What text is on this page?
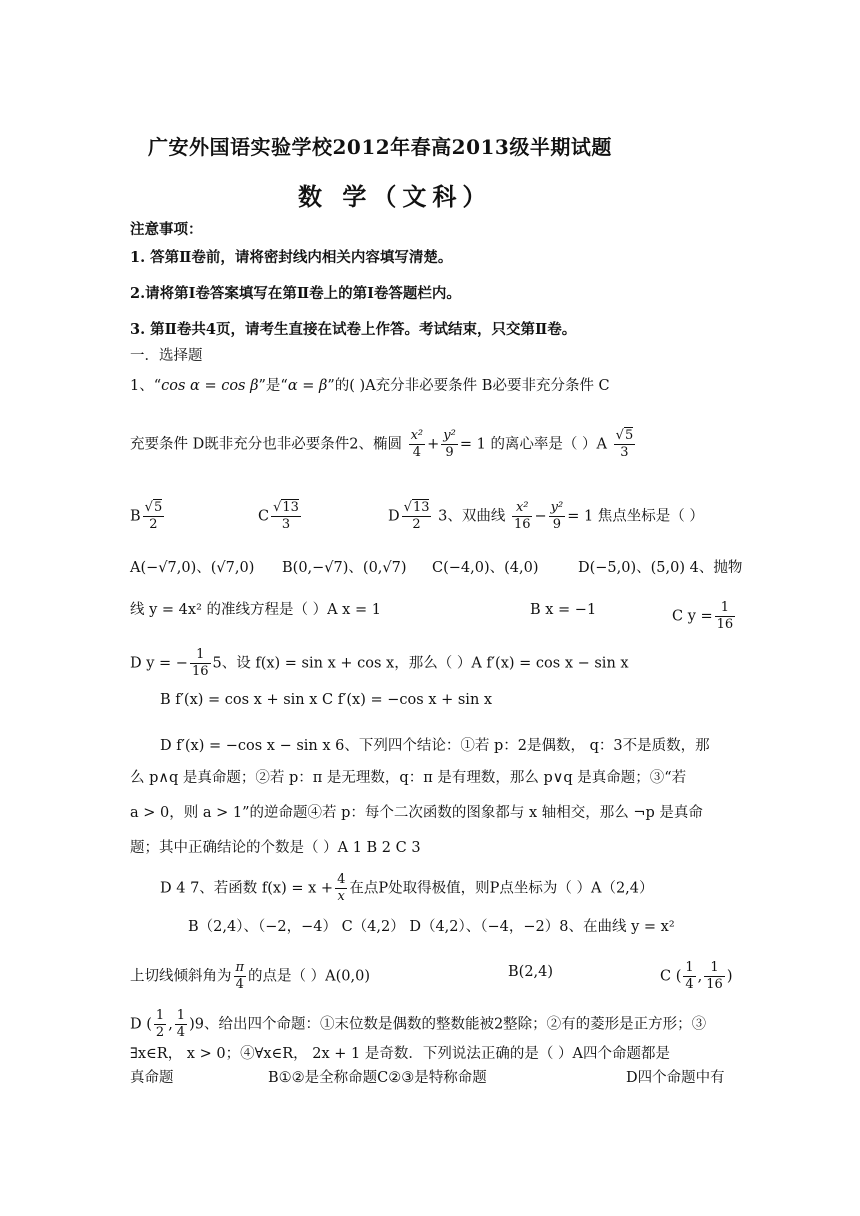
广安外国语实验学校2012年春高2013级半期试题
数 学（文科）
注意事项：
1. 答第Ⅱ卷前，请将密封线内相关内容填写清楚。
2.请将第Ⅰ卷答案填写在第Ⅱ卷上的第Ⅰ卷答题栏内。
3. 第Ⅱ卷共4页，请考生直接在试卷上作答。考试结束，只交第Ⅱ卷。
一．选择题
1、“cos α = cos β”是“α = β”的( )A充分非必要条件 B必要非充分条件 C
充要条件 D既非充分也非必要条件2、椭圆 $\frac{\text{x²}}{4} + \frac{\text{y²}}{9} = 1$ 的离心率是（ ）$A \frac{√5}{3}$
B $\frac{√5}{2}$	C $\frac{√13}{3}$	D $\frac{√13}{2} 3$、双曲线 $\frac{\text{x²}}{16} - \frac{\text{y²}}{9} = 1$ 焦点坐标是（ ）
A(−√7,0)、(√7,0) B(0,−√7)、(0,√7) C(−4,0)、(4,0)	D(−5,0)、(5,0) 4、抛物
线 y = 4x² 的准线方程是（ ）A x = 1	B x = −1	C $y = \frac{1}{16}$
D y = − $\frac{1}{16} 5$、设 f(x) = sin x + cos x，那么（ ）A f′(x) = cos x − sin x
B f′(x) = cos x + sin x C f′(x) = −cos x + sin x
D f′(x) = −cos x − sin x 6、下列四个结论：①若 p：2是偶数， q：3不是质数，那
么 p∧q 是真命题；②若 p：π 是无理数，q：π 是有理数，那么 p∨q 是真命题；③“若
a > 0，则 a > 1”的逆命题④若 p：每个二次函数的图象都与 x 轴相交，那么 ¬p 是真命
题；其中正确结论的个数是（ ）A 1 B 2 C 3
D 4 7、若函数 $f(x) = x + \frac{4}{x}$ 在点P处取得极值，则P点坐标为（ ）A（2,4）
B（2,4）、（−2，−4） C（4,2） D（4,2）、（−4，−2）8、在曲线 y = x²
上切线倾斜角为 $\frac{\pi}{4}$ 的点是（ ）A(0,0)	B(2,4)	C ( $\frac{1}{4}$ , $\frac{1}{16}$ )
D ( $\frac{1}{2}$ , $\frac{1}{4} )9$、给出四个命题：①末位数是偶数的整数能被2整除；②有的菱形是正方形；③
∃x∈R， x > 0；④∀x∈R， 2x + 1 是奇数．下列说法正确的是（ ）A四个命题都是
真命题	B①②是全称命题C②③是特称命题	D四个命题中有
